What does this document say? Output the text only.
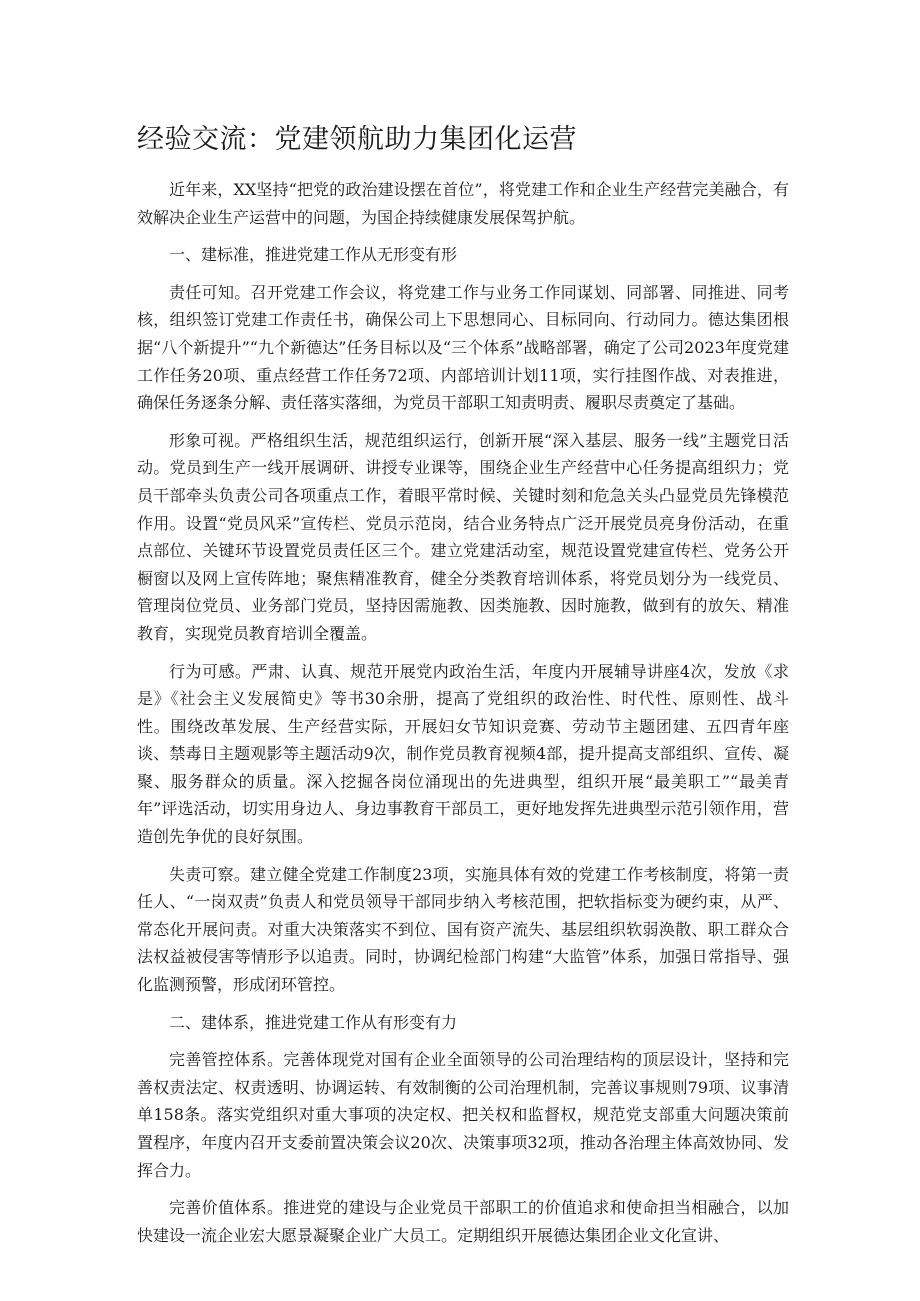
经验交流：党建领航助力集团化运营
近年来，XX坚持“把党的政治建设摆在首位”，将党建工作和企业生产经营完美融合，有效解决企业生产运营中的问题，为国企持续健康发展保驾护航。
一、建标准，推进党建工作从无形变有形

责任可知。召开党建工作会议，将党建工作与业务工作同谋划、同部署、同推进、同考核，组织签订党建工作责任书，确保公司上下思想同心、目标同向、行动同力。德达集团根据“八个新提升”“九个新德达”任务目标以及“三个体系”战略部署，确定了公司2023年度党建工作任务20项、重点经营工作任务72项、内部培训计划11项，实行挂图作战、对表推进，确保任务逐条分解、责任落实落细，为党员干部职工知责明责、履职尽责奠定了基础。

形象可视。严格组织生活，规范组织运行，创新开展“深入基层、服务一线”主题党日活动。党员到生产一线开展调研、讲授专业课等，围绕企业生产经营中心任务提高组织力；党员干部牵头负责公司各项重点工作，着眼平常时候、关键时刻和危急关头凸显党员先锋模范作用。设置“党员风采”宣传栏、党员示范岗，结合业务特点广泛开展党员亮身份活动，在重点部位、关键环节设置党员责任区三个。建立党建活动室，规范设置党建宣传栏、党务公开橱窗以及网上宣传阵地；聚焦精准教育，健全分类教育培训体系，将党员划分为一线党员、管理岗位党员、业务部门党员，坚持因需施教、因类施教、因时施教，做到有的放矢、精准教育，实现党员教育培训全覆盖。

行为可感。严肃、认真、规范开展党内政治生活，年度内开展辅导讲座4次，发放《求是》《社会主义发展简史》等书30余册，提高了党组织的政治性、时代性、原则性、战斗性。围绕改革发展、生产经营实际，开展妇女节知识竞赛、劳动节主题团建、五四青年座谈、禁毒日主题观影等主题活动9次，制作党员教育视频4部，提升提高支部组织、宣传、凝聚、服务群众的质量。深入挖掘各岗位涌现出的先进典型，组织开展“最美职工”“最美青年”评选活动，切实用身边人、身边事教育干部员工，更好地发挥先进典型示范引领作用，营造创先争优的良好氛围。

失责可察。建立健全党建工作制度23项，实施具体有效的党建工作考核制度，将第一责任人、“一岗双责”负责人和党员领导干部同步纳入考核范围，把软指标变为硬约束，从严、常态化开展问责。对重大决策落实不到位、国有资产流失、基层组织软弱涣散、职工群众合法权益被侵害等情形予以追责。同时，协调纪检部门构建“大监管”体系，加强日常指导、强化监测预警，形成闭环管控。

二、建体系，推进党建工作从有形变有力

完善管控体系。完善体现党对国有企业全面领导的公司治理结构的顶层设计，坚持和完善权责法定、权责透明、协调运转、有效制衡的公司治理机制，完善议事规则79项、议事清单158条。落实党组织对重大事项的决定权、把关权和监督权，规范党支部重大问题决策前置程序，年度内召开支委前置决策会议20次、决策事项32项，推动各治理主体高效协同、发挥合力。

完善价值体系。推进党的建设与企业党员干部职工的价值追求和使命担当相融合，以加快建设一流企业宏大愿景凝聚企业广大员工。定期组织开展德达集团企业文化宣讲、
